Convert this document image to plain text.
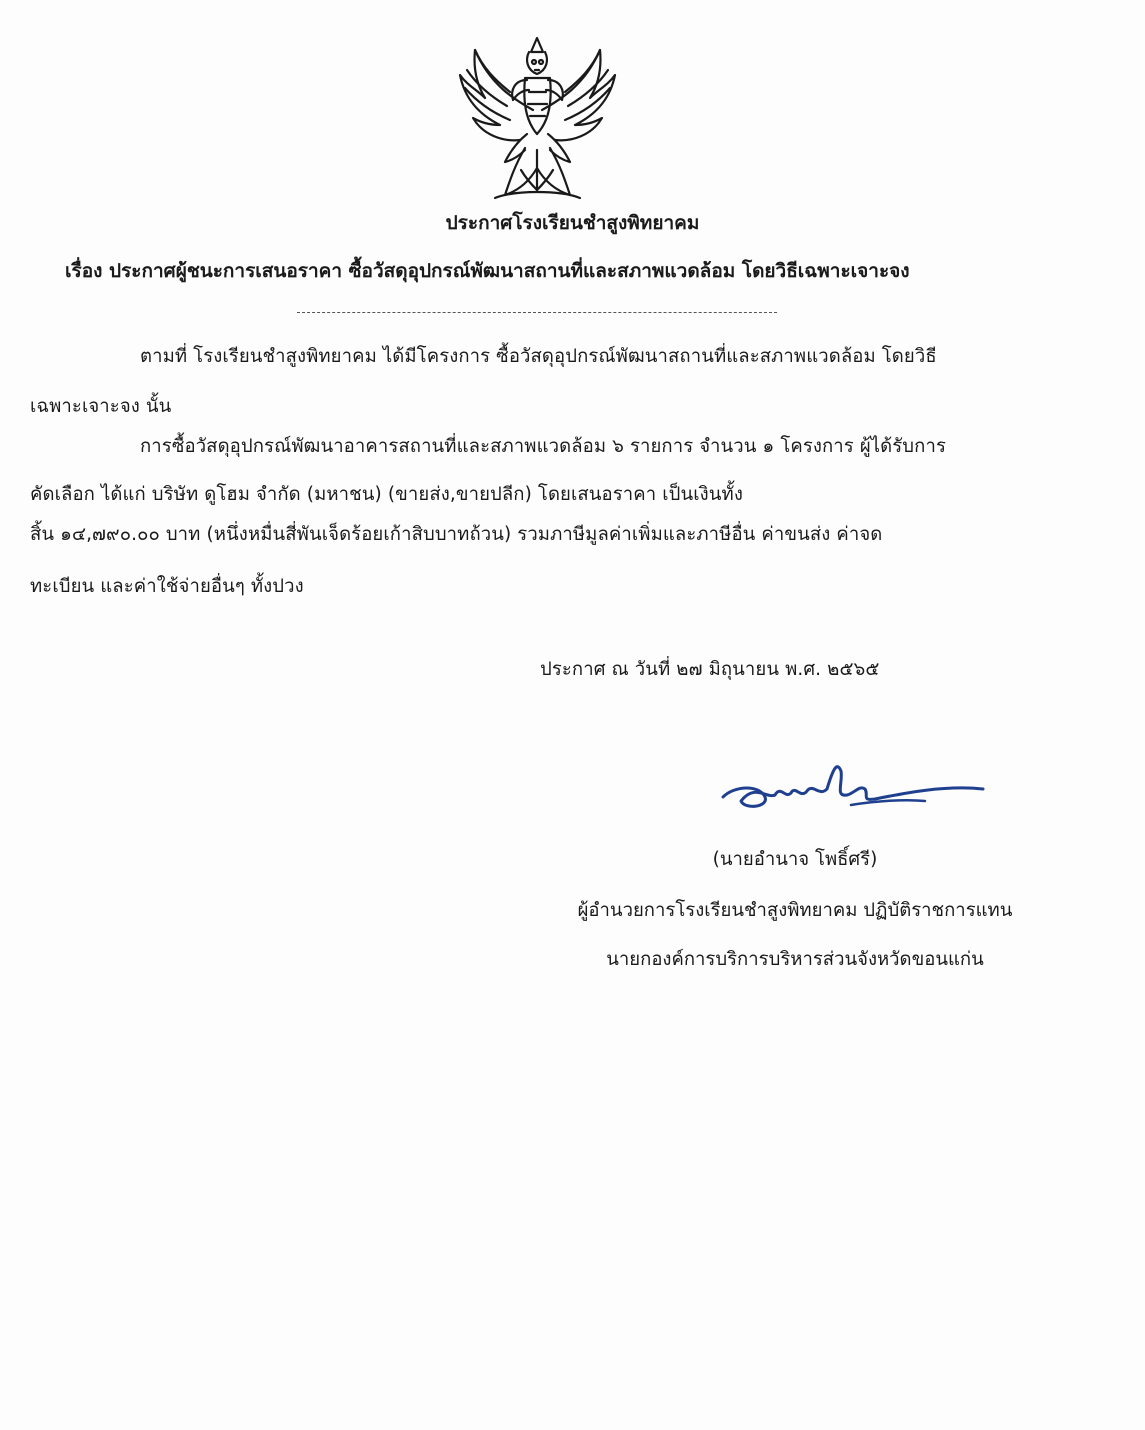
ประกาศโรงเรียนชำสูงพิทยาคม
เรื่อง ประกาศผู้ชนะการเสนอราคา ซื้อวัสดุอุปกรณ์พัฒนาสถานที่และสภาพแวดล้อม โดยวิธีเฉพาะเจาะจง
ตามที่ โรงเรียนชำสูงพิทยาคม ได้มีโครงการ ซื้อวัสดุอุปกรณ์พัฒนาสถานที่และสภาพแวดล้อม โดยวิธี
เฉพาะเจาะจง นั้น
การซื้อวัสดุอุปกรณ์พัฒนาอาคารสถานที่และสภาพแวดล้อม ๖ รายการ จำนวน ๑ โครงการ ผู้ได้รับการ
คัดเลือก ได้แก่ บริษัท ดูโฮม จำกัด (มหาชน) (ขายส่ง,ขายปลีก) โดยเสนอราคา เป็นเงินทั้ง
สิ้น ๑๔,๗๙๐.๐๐ บาท (หนึ่งหมื่นสี่พันเจ็ดร้อยเก้าสิบบาทถ้วน) รวมภาษีมูลค่าเพิ่มและภาษีอื่น ค่าขนส่ง ค่าจด
ทะเบียน และค่าใช้จ่ายอื่นๆ ทั้งปวง
ประกาศ ณ วันที่ ๒๗ มิถุนายน พ.ศ. ๒๕๖๕
(นายอำนาจ โพธิ์ศรี)
ผู้อำนวยการโรงเรียนชำสูงพิทยาคม ปฏิบัติราชการแทน
นายกองค์การบริการบริหารส่วนจังหวัดขอนแก่น
